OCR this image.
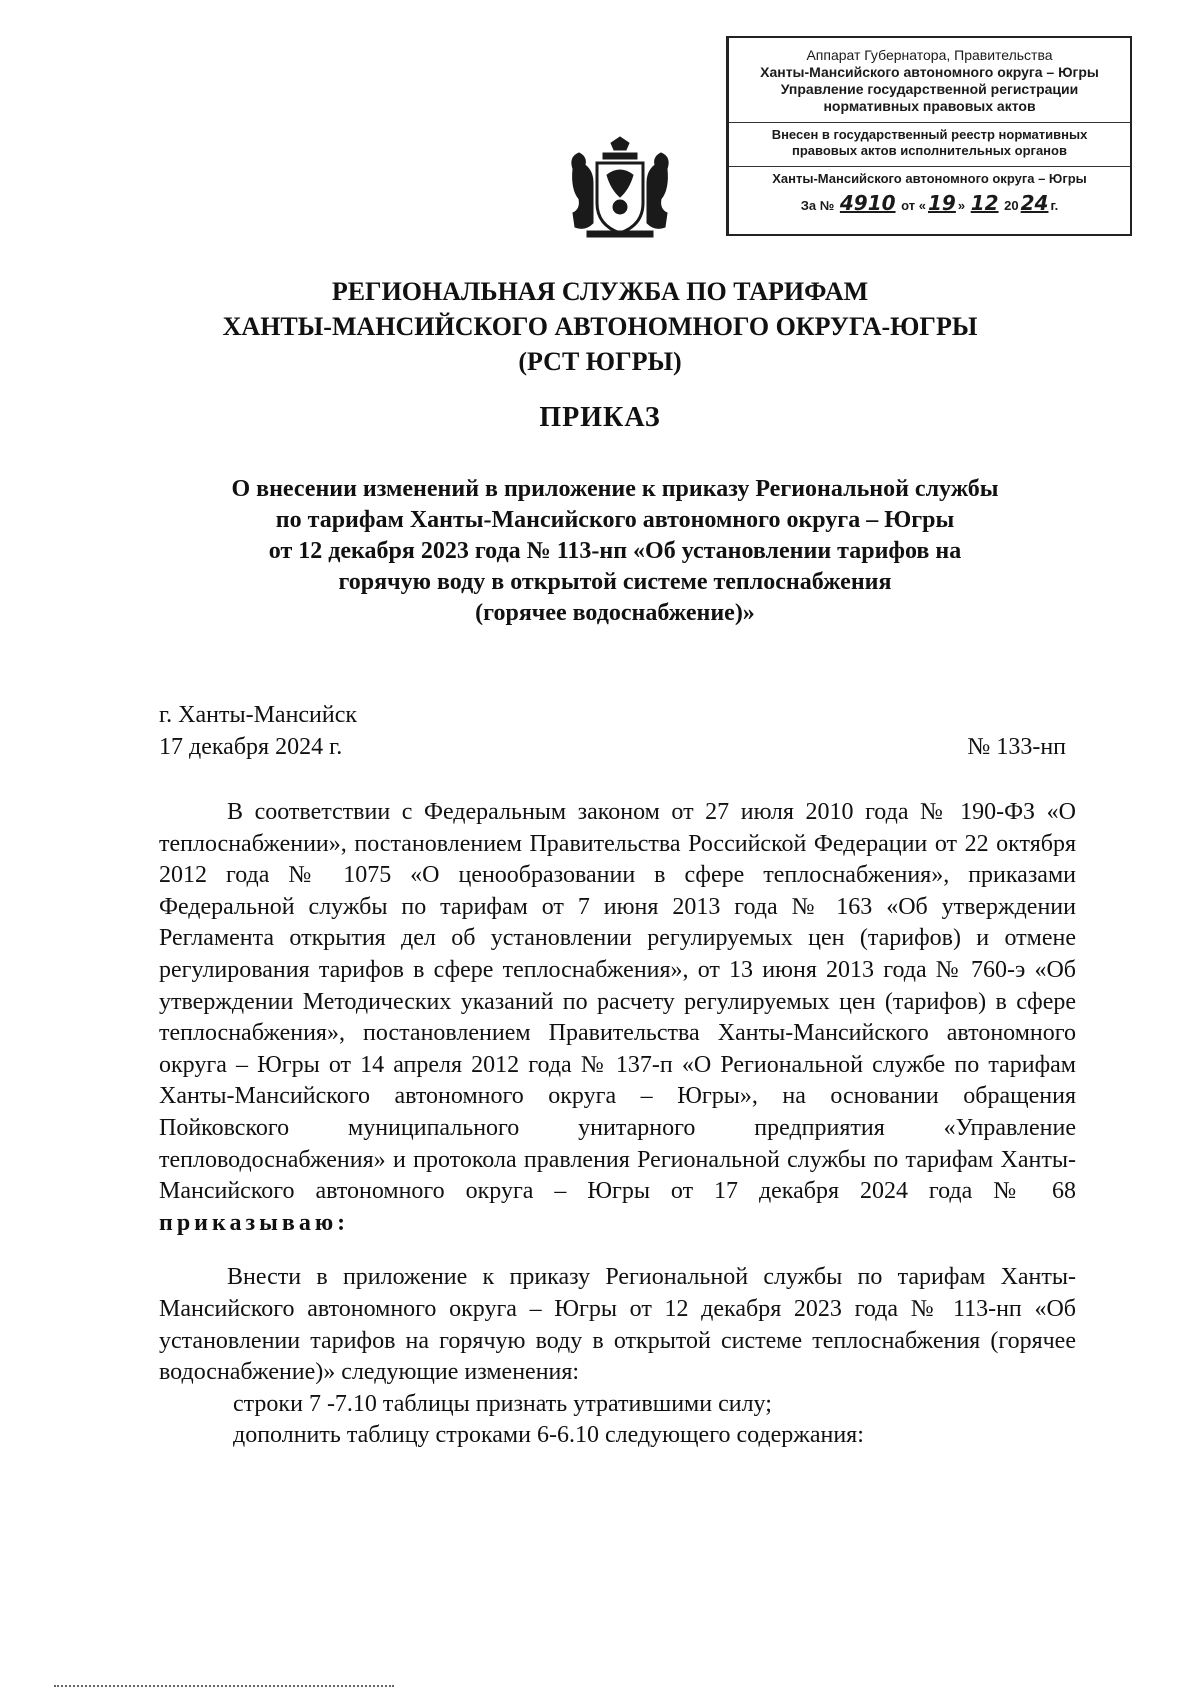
Аппарат Губернатора, Правительства
Ханты-Мансийского автономного округа – Югры
Управление государственной регистрации
нормативных правовых актов
Внесен в государственный реестр нормативных
правовых актов исполнительных органов
Ханты-Мансийского автономного округа – Югры
За № 4910 от « 19 » 12 20 24 г.
РЕГИОНАЛЬНАЯ СЛУЖБА ПО ТАРИФАМ
ХАНТЫ-МАНСИЙСКОГО АВТОНОМНОГО ОКРУГА-ЮГРЫ
(РСТ ЮГРЫ)
ПРИКАЗ
О внесении изменений в приложение к приказу Региональной службы
по тарифам Ханты-Мансийского автономного округа – Югры
от 12 декабря 2023 года № 113-нп «Об установлении тарифов на
горячую воду в открытой системе теплоснабжения
(горячее водоснабжение)»
г. Ханты-Мансийск
17 декабря 2024 г.	№ 133-нп

В соответствии с Федеральным законом от 27 июля 2010 года № 190-ФЗ «О теплоснабжении», постановлением Правительства Российской Федерации от 22 октября 2012 года № 1075 «О ценообразовании в сфере теплоснабжения», приказами Федеральной службы по тарифам от 7 июня 2013 года № 163 «Об утверждении Регламента открытия дел об установлении регулируемых цен (тарифов) и отмене регулирования тарифов в сфере теплоснабжения», от 13 июня 2013 года № 760-э «Об утверждении Методических указаний по расчету регулируемых цен (тарифов) в сфере теплоснабжения», постановлением Правительства Ханты-Мансийского автономного округа – Югры от 14 апреля 2012 года № 137-п «О Региональной службе по тарифам Ханты-Мансийского автономного округа – Югры», на основании обращения Пойковского муниципального унитарного предприятия «Управление тепловодоснабжения» и протокола правления Региональной службы по тарифам Ханты-Мансийского автономного округа – Югры от 17 декабря 2024 года № 68 приказываю:

Внести в приложение к приказу Региональной службы по тарифам Ханты-Мансийского автономного округа – Югры от 12 декабря 2023 года № 113-нп «Об установлении тарифов на горячую воду в открытой системе теплоснабжения (горячее водоснабжение)» следующие изменения:

строки 7 -7.10 таблицы признать утратившими силу;

дополнить таблицу строками 6-6.10 следующего содержания:
